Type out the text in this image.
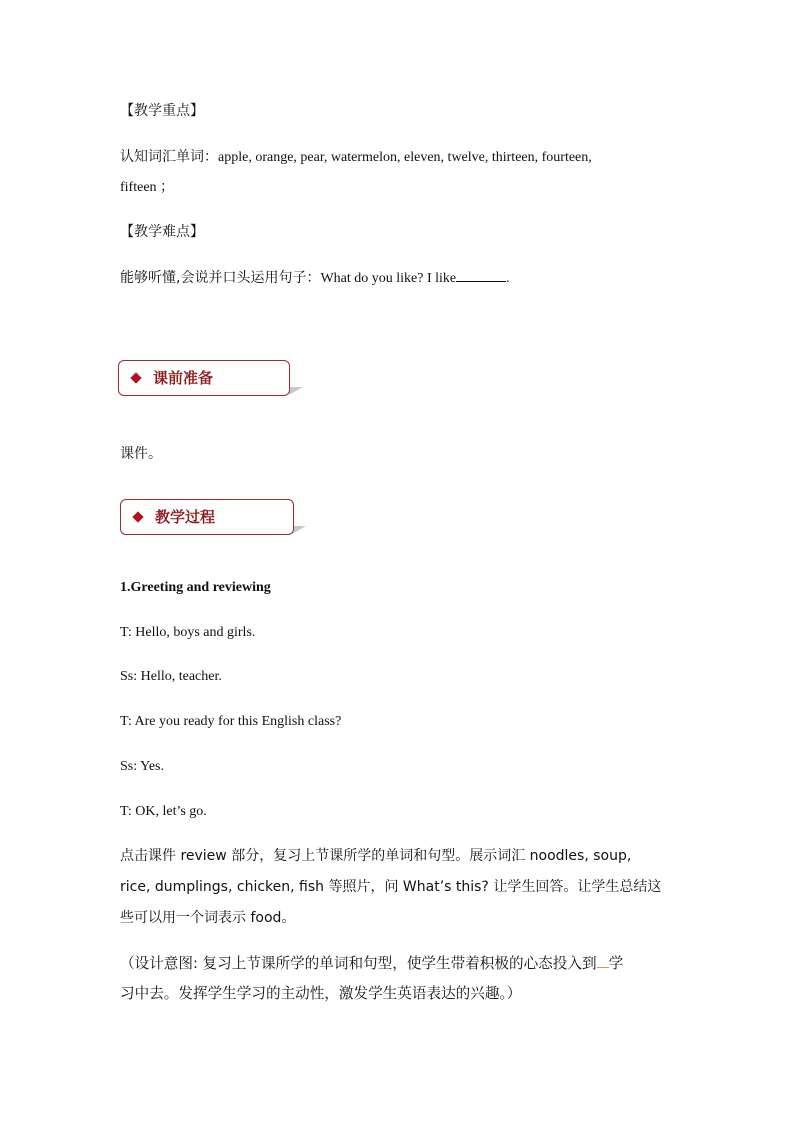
【教学重点】
认知词汇单词：apple, orange, pear, watermelon, eleven, twelve, thirteen, fourteen,
fifteen ；
【教学难点】
能够听懂,会说并口头运用句子：What do you like? I like	.
课前准备
课件。
教学过程
1.Greeting and reviewing
T: Hello, boys and girls.
Ss: Hello, teacher.
T: Are you ready for this English class?
Ss: Yes.
T: OK, let’s go.
点击课件 review 部分，复习上节课所学的单词和句型。展示词汇 noodles, soup,
rice, dumplings, chicken, fish 等照片，问 What’s this? 让学生回答。让学生总结这
些可以用一个词表示 food。
（设计意图: 复习上节课所学的单词和句型，使学生带着积极的心态投入到 学
习中去。发挥学生学习的主动性，激发学生英语表达的兴趣。）
